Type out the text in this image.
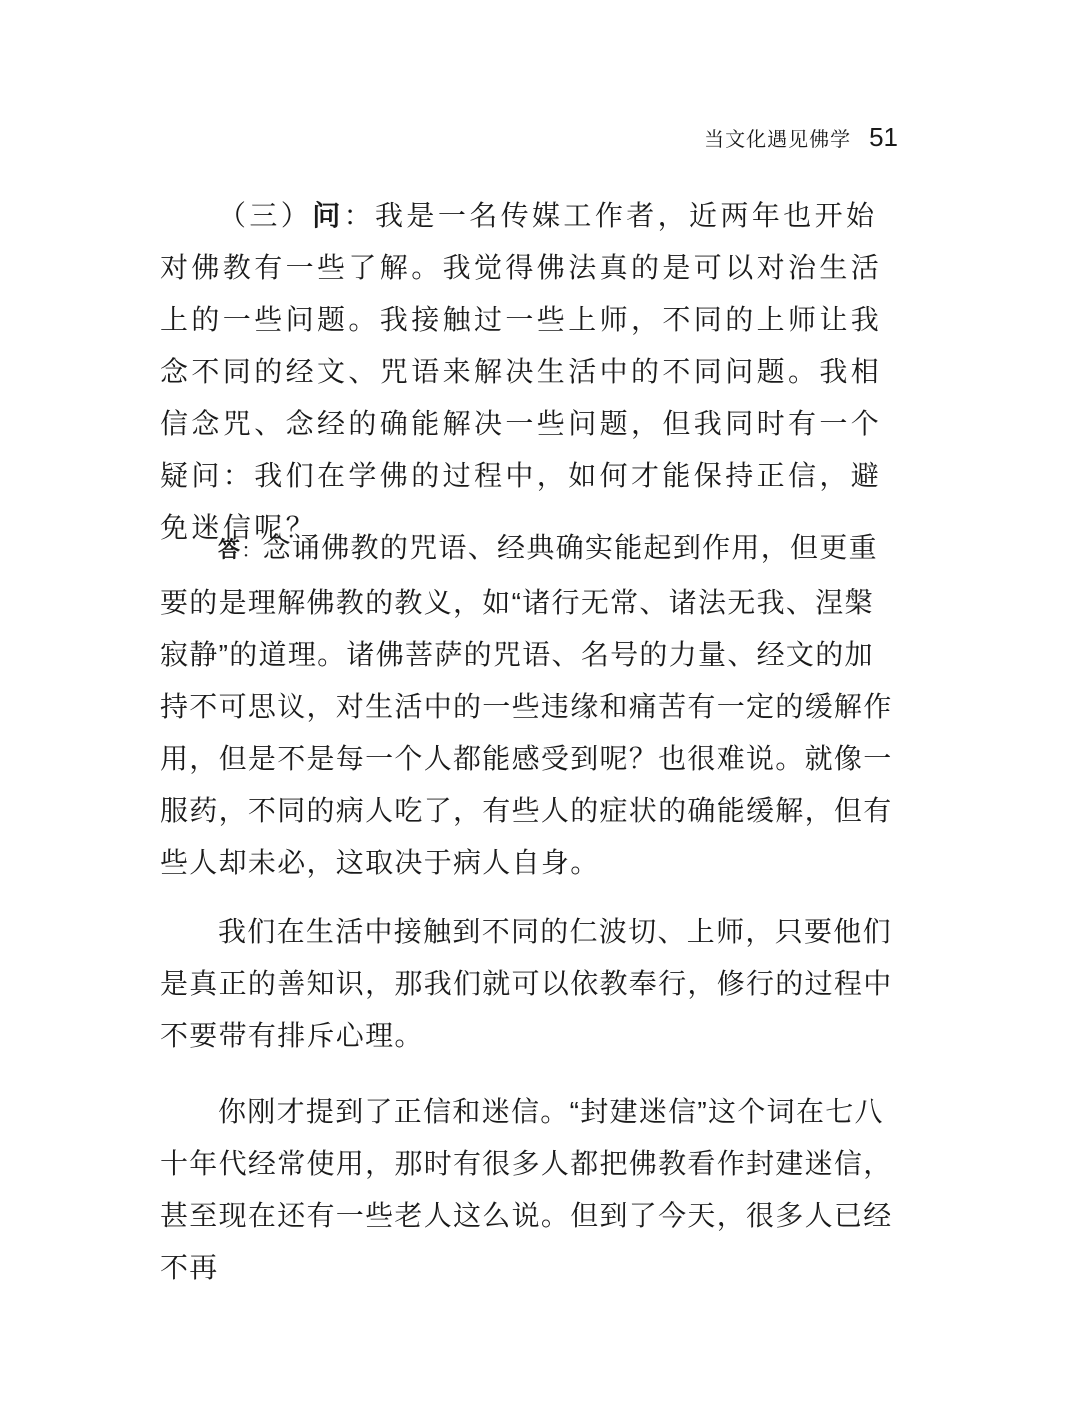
当文化遇见佛学 51

（三）问：我是一名传媒工作者，近两年也开始对佛教有一些了解。我觉得佛法真的是可以对治生活上的一些问题。我接触过一些上师，不同的上师让我念不同的经文、咒语来解决生活中的不同问题。我相信念咒、念经的确能解决一些问题，但我同时有一个疑问：我们在学佛的过程中，如何才能保持正信，避免迷信呢？

答：念诵佛教的咒语、经典确实能起到作用，但更重要的是理解佛教的教义，如“诸行无常、诸法无我、涅槃寂静”的道理。诸佛菩萨的咒语、名号的力量、经文的加持不可思议，对生活中的一些违缘和痛苦有一定的缓解作用，但是不是每一个人都能感受到呢？也很难说。就像一服药，不同的病人吃了，有些人的症状的确能缓解，但有些人却未必，这取决于病人自身。

我们在生活中接触到不同的仁波切、上师，只要他们是真正的善知识，那我们就可以依教奉行，修行的过程中不要带有排斥心理。

你刚才提到了正信和迷信。“封建迷信”这个词在七八十年代经常使用，那时有很多人都把佛教看作封建迷信，甚至现在还有一些老人这么说。但到了今天，很多人已经不再
